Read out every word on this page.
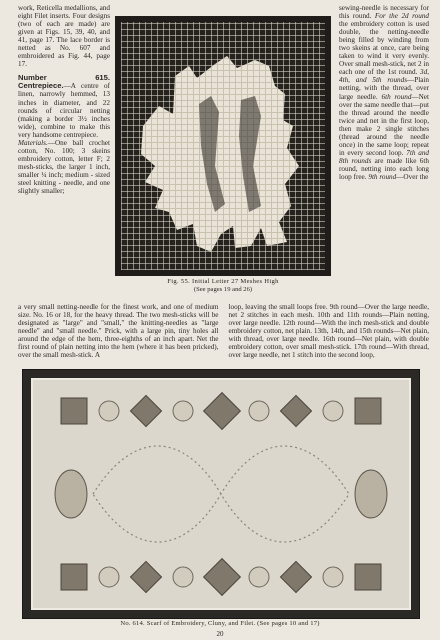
work, Reticella medallions, and eight Filet inserts. Four designs (two of each are made) are given at Figs. 15, 39, 40, and 41, page 17. The lace border is netted as No. 607 and embroidered as Fig. 44, page 17.

Number 615. Centrepiece.—A centre of linen, narrowly hemmed, 13 inches in diameter, and 22 rounds of circular netting (making a border 3½ inches wide), combine to make this very handsome centrepiece.

Materials.—One ball crochet cotton, No. 100; 3 skeins embroidery cotton, letter F; 2 mesh-sticks, the larger 1 inch, smaller ¼ inch; medium - sized steel knitting - needle, and one slightly smaller;

Fig. 55. Initial Letter 27 Meshes High
(See pages 19 and 26)

sewing-needle is necessary for this round. For the 2d round the embroidery cotton is used double, the netting-needle being filled by winding from two skeins at once, care being taken to wind it very evenly. Over small mesh-stick, net 2 in each one of the 1st round. 3d, 4th, and 5th rounds—Plain netting, with the thread, over large needle. 6th round—Net over the same needle that—put the thread around the needle twice and net in the first loop, then make 2 single stitches (thread around the needle once) in the same loop; repeat in every second loop. 7th and 8th rounds are made like 6th round, netting into each long loop free. 9th round—Over the

a very small netting-needle for the finest work, and one of medium size. No. 16 or 18, for the heavy thread. The two mesh-sticks will be designated as "large" and "small," the knitting-needles as "large needle" and "small needle." Prick, with a large pin, tiny holes all around the edge of the hem, three-eighths of an inch apart. Net the first round of plain netting into the hem (where it has been pricked), over the small mesh-stick. A

loop, leaving the small loops free. 9th round—Over the large needle, net 2 stitches in each mesh. 10th and 11th rounds—Plain netting, over large needle. 12th round—With the inch mesh-stick and double embroidery cotton, net plain. 13th, 14th, and 15th rounds—Net plain, with thread, over large needle. 16th round—Net plain, with double embroidery cotton, over small mesh-stick. 17th round—With thread, over large needle, net 1 stitch into the second loop,

No. 614. Scarf of Embroidery, Cluny, and Filet. (See pages 10 and 17)
20
